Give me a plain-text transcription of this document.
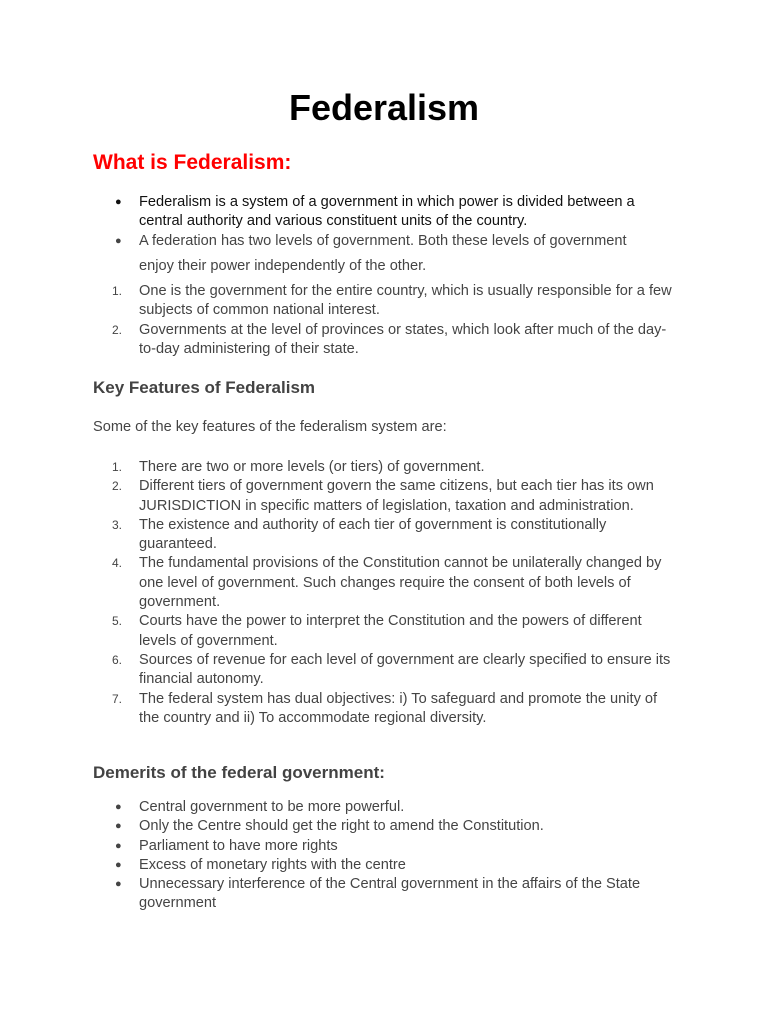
Federalism
What is Federalism:
●	Federalism is a system of a government in which power is divided between a central authority and various constituent units of the country.
●	A federation has two levels of government. Both these levels of government
enjoy their power independently of the other.
1.	One is the government for the entire country, which is usually responsible for a few subjects of common national interest.
2.	Governments at the level of provinces or states, which look after much of the day-to-day administering of their state.
Key Features of Federalism

Some of the key features of the federalism system are:

1.	There are two or more levels (or tiers) of government.
2.	Different tiers of government govern the same citizens, but each tier has its own JURISDICTION in specific matters of legislation, taxation and administration.
3.	The existence and authority of each tier of government is constitutionally guaranteed.
4.	The fundamental provisions of the Constitution cannot be unilaterally changed by one level of government. Such changes require the consent of both levels of government.
5.	Courts have the power to interpret the Constitution and the powers of different levels of government.
6.	Sources of revenue for each level of government are clearly specified to ensure its financial autonomy.
7.	The federal system has dual objectives: i) To safeguard and promote the unity of the country and ii) To accommodate regional diversity.
Demerits of the federal government:
●	Central government to be more powerful.
●	Only the Centre should get the right to amend the Constitution.
●	Parliament to have more rights
●	Excess of monetary rights with the centre
●	Unnecessary interference of the Central government in the affairs of the State government
